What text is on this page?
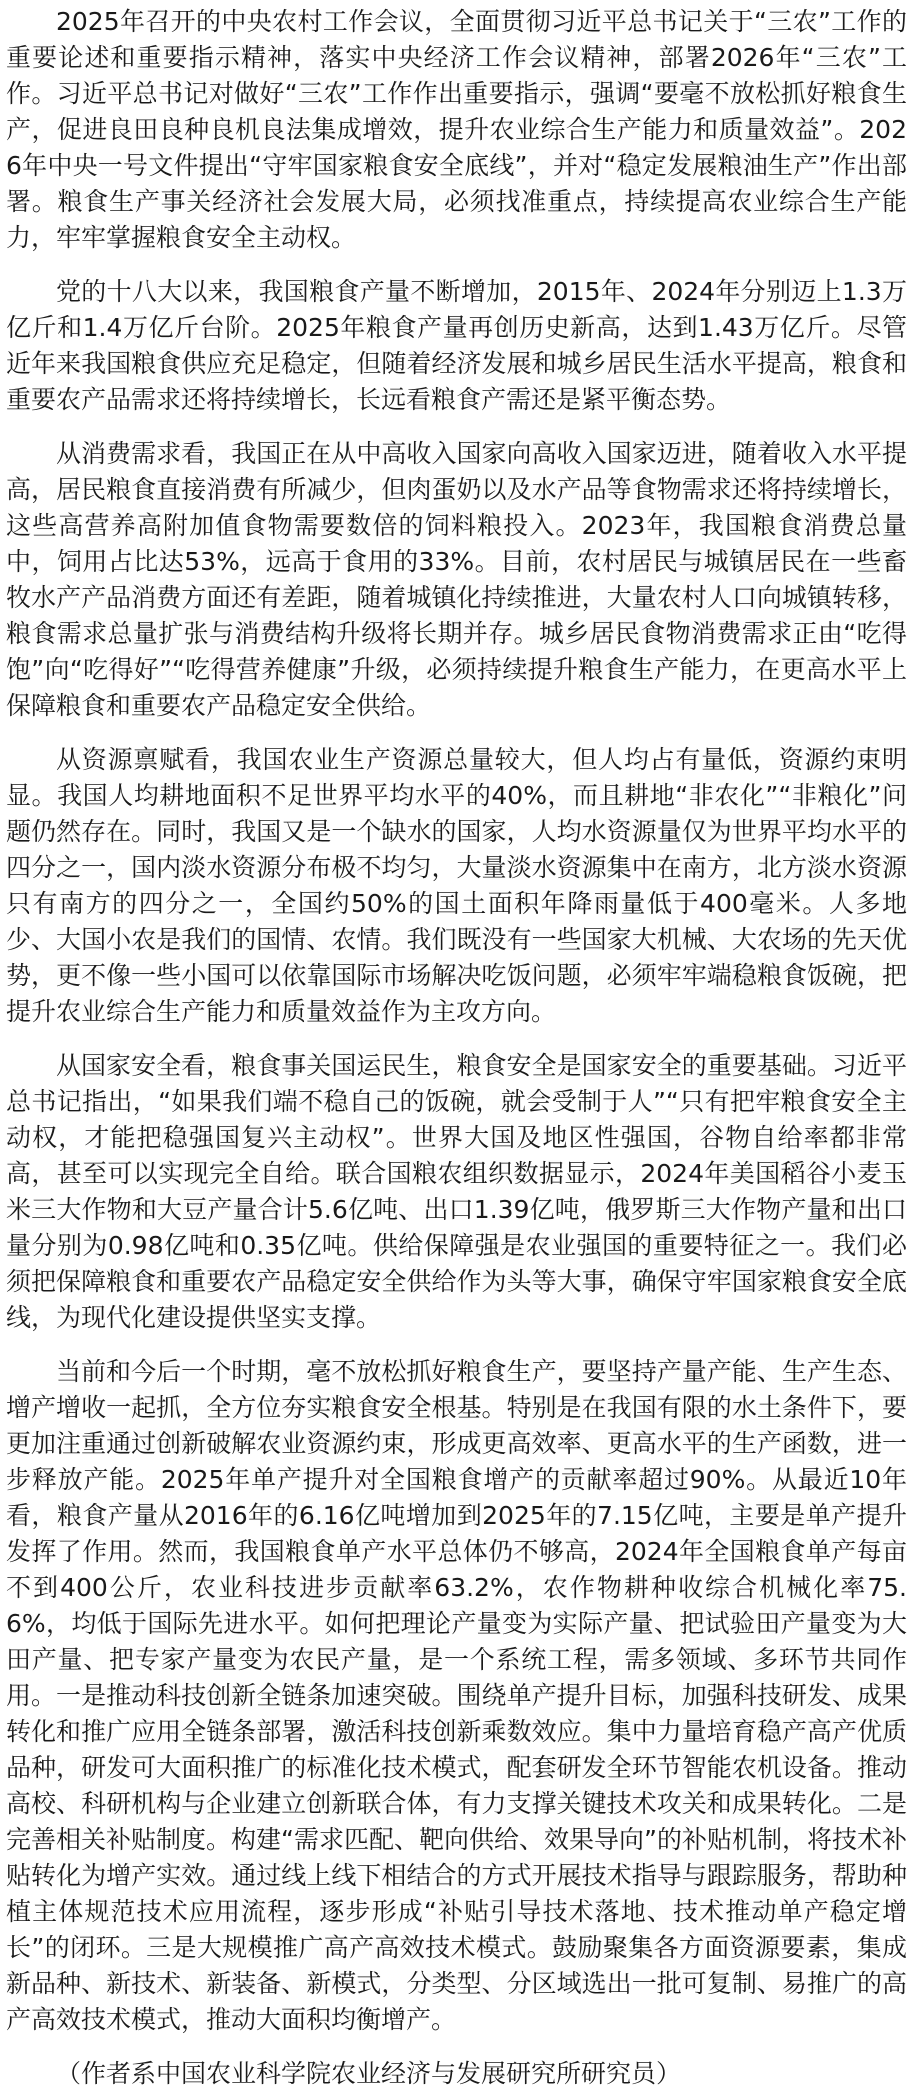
2025年召开的中央农村工作会议，全面贯彻习近平总书记关于“三农”工作的重要论述和重要指示精神，落实中央经济工作会议精神，部署2026年“三农”工作。习近平总书记对做好“三农”工作作出重要指示，强调“要毫不放松抓好粮食生产，促进良田良种良机良法集成增效，提升农业综合生产能力和质量效益”。2026年中央一号文件提出“守牢国家粮食安全底线”，并对“稳定发展粮油生产”作出部署。粮食生产事关经济社会发展大局，必须找准重点，持续提高农业综合生产能力，牢牢掌握粮食安全主动权。

党的十八大以来，我国粮食产量不断增加，2015年、2024年分别迈上1.3万亿斤和1.4万亿斤台阶。2025年粮食产量再创历史新高，达到1.43万亿斤。尽管近年来我国粮食供应充足稳定，但随着经济发展和城乡居民生活水平提高，粮食和重要农产品需求还将持续增长，长远看粮食产需还是紧平衡态势。

从消费需求看，我国正在从中高收入国家向高收入国家迈进，随着收入水平提高，居民粮食直接消费有所减少，但肉蛋奶以及水产品等食物需求还将持续增长，这些高营养高附加值食物需要数倍的饲料粮投入。2023年，我国粮食消费总量中，饲用占比达53%，远高于食用的33%。目前，农村居民与城镇居民在一些畜牧水产产品消费方面还有差距，随着城镇化持续推进，大量农村人口向城镇转移，粮食需求总量扩张与消费结构升级将长期并存。城乡居民食物消费需求正由“吃得饱”向“吃得好”“吃得营养健康”升级，必须持续提升粮食生产能力，在更高水平上保障粮食和重要农产品稳定安全供给。

从资源禀赋看，我国农业生产资源总量较大，但人均占有量低，资源约束明显。我国人均耕地面积不足世界平均水平的40%，而且耕地“非农化”“非粮化”问题仍然存在。同时，我国又是一个缺水的国家，人均水资源量仅为世界平均水平的四分之一，国内淡水资源分布极不均匀，大量淡水资源集中在南方，北方淡水资源只有南方的四分之一，全国约50%的国土面积年降雨量低于400毫米。人多地少、大国小农是我们的国情、农情。我们既没有一些国家大机械、大农场的先天优势，更不像一些小国可以依靠国际市场解决吃饭问题，必须牢牢端稳粮食饭碗，把提升农业综合生产能力和质量效益作为主攻方向。

从国家安全看，粮食事关国运民生，粮食安全是国家安全的重要基础。习近平总书记指出，“如果我们端不稳自己的饭碗，就会受制于人”“只有把牢粮食安全主动权，才能把稳强国复兴主动权”。世界大国及地区性强国，谷物自给率都非常高，甚至可以实现完全自给。联合国粮农组织数据显示，2024年美国稻谷小麦玉米三大作物和大豆产量合计5.6亿吨、出口1.39亿吨，俄罗斯三大作物产量和出口量分别为0.98亿吨和0.35亿吨。供给保障强是农业强国的重要特征之一。我们必须把保障粮食和重要农产品稳定安全供给作为头等大事，确保守牢国家粮食安全底线，为现代化建设提供坚实支撑。

当前和今后一个时期，毫不放松抓好粮食生产，要坚持产量产能、生产生态、增产增收一起抓，全方位夯实粮食安全根基。特别是在我国有限的水土条件下，要更加注重通过创新破解农业资源约束，形成更高效率、更高水平的生产函数，进一步释放产能。2025年单产提升对全国粮食增产的贡献率超过90%。从最近10年看，粮食产量从2016年的6.16亿吨增加到2025年的7.15亿吨，主要是单产提升发挥了作用。然而，我国粮食单产水平总体仍不够高，2024年全国粮食单产每亩不到400公斤，农业科技进步贡献率63.2%，农作物耕种收综合机械化率75.6%，均低于国际先进水平。如何把理论产量变为实际产量、把试验田产量变为大田产量、把专家产量变为农民产量，是一个系统工程，需多领域、多环节共同作用。一是推动科技创新全链条加速突破。围绕单产提升目标，加强科技研发、成果转化和推广应用全链条部署，激活科技创新乘数效应。集中力量培育稳产高产优质品种，研发可大面积推广的标准化技术模式，配套研发全环节智能农机设备。推动高校、科研机构与企业建立创新联合体，有力支撑关键技术攻关和成果转化。二是完善相关补贴制度。构建“需求匹配、靶向供给、效果导向”的补贴机制，将技术补贴转化为增产实效。通过线上线下相结合的方式开展技术指导与跟踪服务，帮助种植主体规范技术应用流程，逐步形成“补贴引导技术落地、技术推动单产稳定增长”的闭环。三是大规模推广高产高效技术模式。鼓励聚集各方面资源要素，集成新品种、新技术、新装备、新模式，分类型、分区域选出一批可复制、易推广的高产高效技术模式，推动大面积均衡增产。

（作者系中国农业科学院农业经济与发展研究所研究员）
